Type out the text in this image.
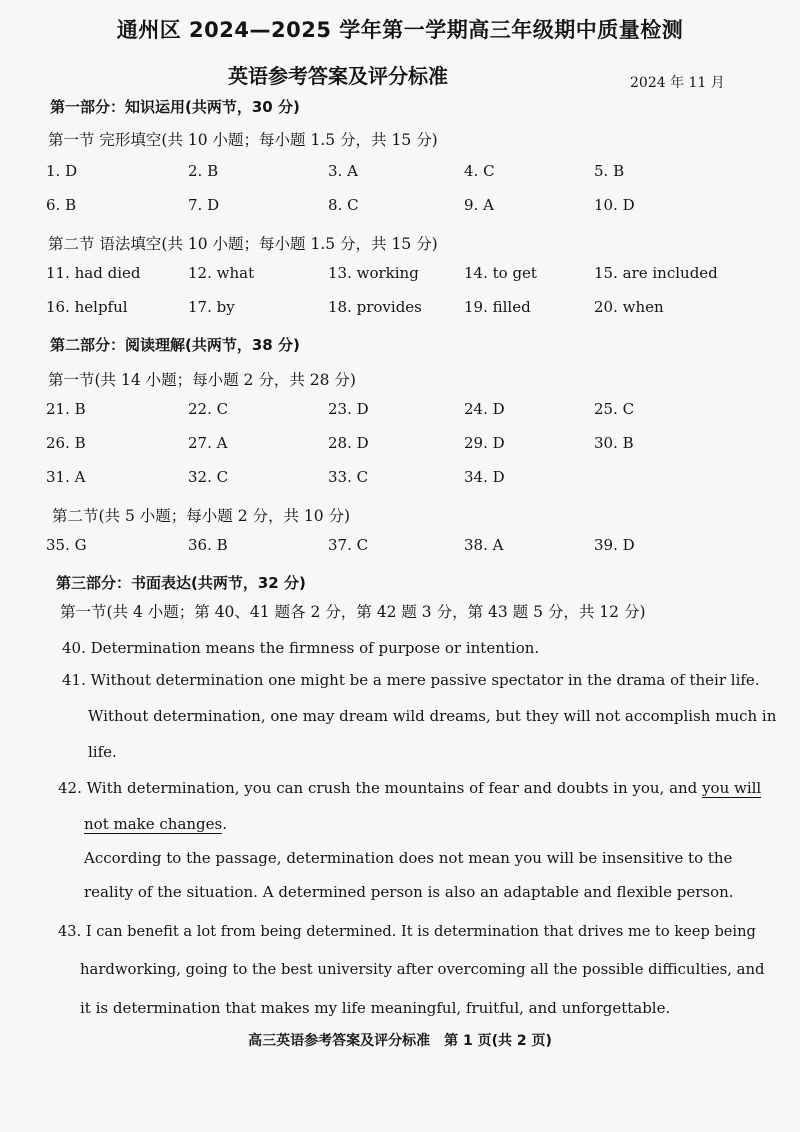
通州区 2024—2025 学年第一学期高三年级期中质量检测
英语参考答案及评分标准	2024 年 11 月
第一部分：知识运用(共两节，30 分)
第一节 完形填空(共 10 小题；每小题 1.5 分，共 15 分)
1. D	2. B	3. A	4. C	5. B
6. B	7. D	8. C	9. A	10. D
第二节 语法填空(共 10 小题；每小题 1.5 分，共 15 分)
11. had died	12. what	13. working	14. to get	15. are included
16. helpful	17. by	18. provides	19. filled	20. when
第二部分：阅读理解(共两节，38 分)
第一节(共 14 小题；每小题 2 分，共 28 分)
21. B	22. C	23. D	24. D	25. C
26. B	27. A	28. D	29. D	30. B
31. A	32. C	33. C	34. D
第二节(共 5 小题；每小题 2 分，共 10 分)
35. G	36. B	37. C	38. A	39. D
第三部分：书面表达(共两节，32 分)
第一节(共 4 小题；第 40、41 题各 2 分，第 42 题 3 分，第 43 题 5 分，共 12 分)
40. Determination means the firmness of purpose or intention.
41. Without determination one might be a mere passive spectator in the drama of their life.
Without determination, one may dream wild dreams, but they will not accomplish much in
life.
42. With determination, you can crush the mountains of fear and doubts in you, and you will
not make changes.
According to the passage, determination does not mean you will be insensitive to the
reality of the situation. A determined person is also an adaptable and flexible person.
43. I can benefit a lot from being determined. It is determination that drives me to keep being
hardworking, going to the best university after overcoming all the possible difficulties, and
it is determination that makes my life meaningful, fruitful, and unforgettable.
高三英语参考答案及评分标准　第 1 页(共 2 页)
